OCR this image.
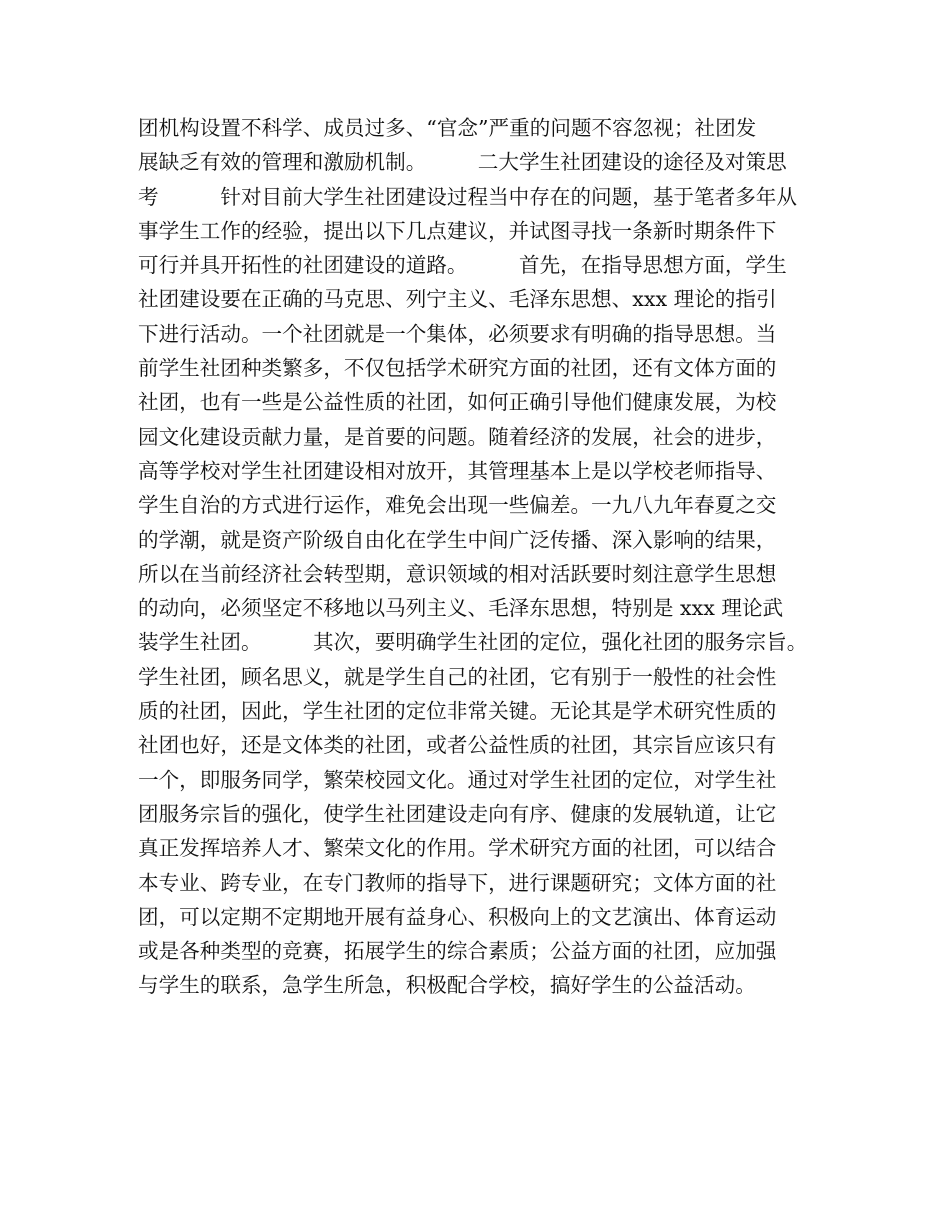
团机构设置不科学、成员过多、“官念”严重的问题不容忽视；社团发
展缺乏有效的管理和激励机制。　　　二大学生社团建设的途径及对策思
考　　　针对目前大学生社团建设过程当中存在的问题，基于笔者多年从
事学生工作的经验，提出以下几点建议，并试图寻找一条新时期条件下
可行并具开拓性的社团建设的道路。　　　首先，在指导思想方面，学生
社团建设要在正确的马克思、列宁主义、毛泽东思想、xxx 理论的指引
下进行活动。一个社团就是一个集体，必须要求有明确的指导思想。当
前学生社团种类繁多，不仅包括学术研究方面的社团，还有文体方面的
社团，也有一些是公益性质的社团，如何正确引导他们健康发展，为校
园文化建设贡献力量，是首要的问题。随着经济的发展，社会的进步，
高等学校对学生社团建设相对放开，其管理基本上是以学校老师指导、
学生自治的方式进行运作，难免会出现一些偏差。一九八九年春夏之交
的学潮，就是资产阶级自由化在学生中间广泛传播、深入影响的结果，
所以在当前经济社会转型期，意识领域的相对活跃要时刻注意学生思想
的动向，必须坚定不移地以马列主义、毛泽东思想，特别是 xxx 理论武
装学生社团。　　　其次，要明确学生社团的定位，强化社团的服务宗旨。
学生社团，顾名思义，就是学生自己的社团，它有别于一般性的社会性
质的社团，因此，学生社团的定位非常关键。无论其是学术研究性质的
社团也好，还是文体类的社团，或者公益性质的社团，其宗旨应该只有
一个，即服务同学，繁荣校园文化。通过对学生社团的定位，对学生社
团服务宗旨的强化，使学生社团建设走向有序、健康的发展轨道，让它
真正发挥培养人才、繁荣文化的作用。学术研究方面的社团，可以结合
本专业、跨专业，在专门教师的指导下，进行课题研究；文体方面的社
团，可以定期不定期地开展有益身心、积极向上的文艺演出、体育运动
或是各种类型的竞赛，拓展学生的综合素质；公益方面的社团，应加强
与学生的联系，急学生所急，积极配合学校，搞好学生的公益活动。
